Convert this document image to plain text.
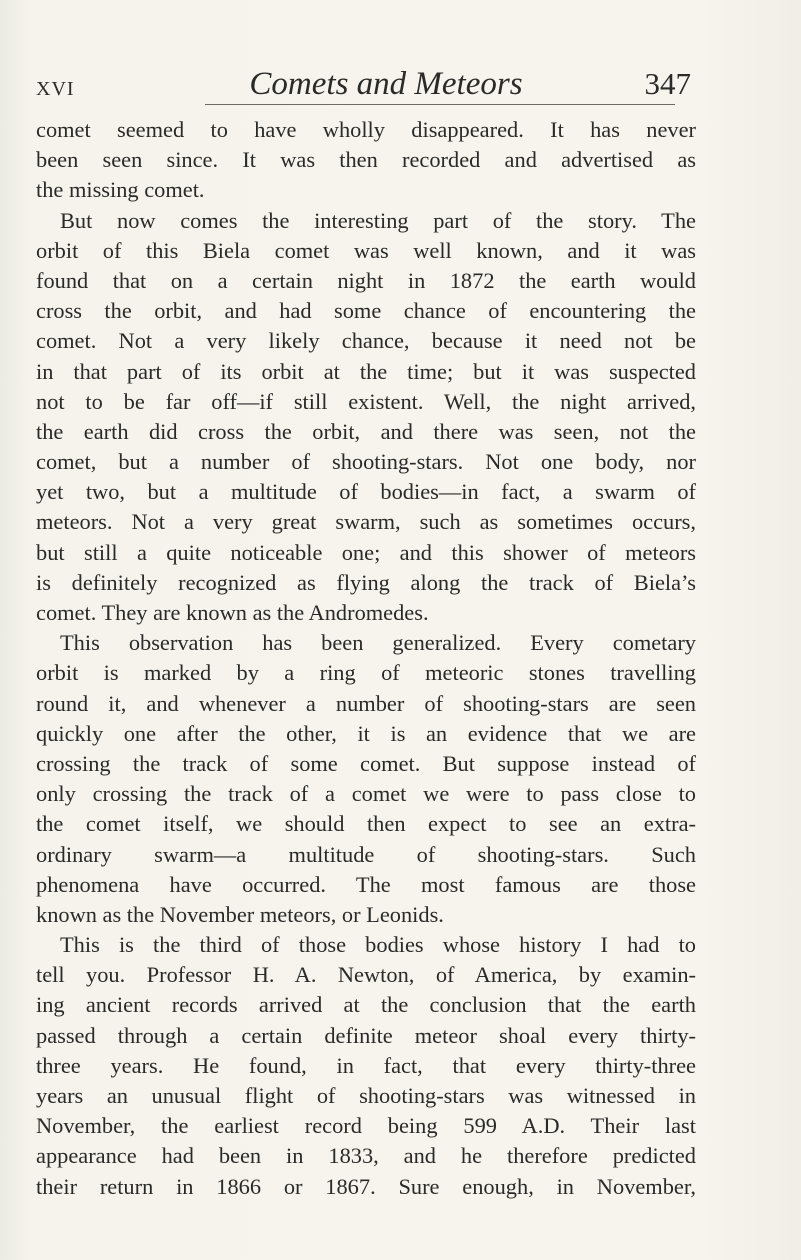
XVI	Comets and Meteors	347
comet seemed to have wholly disappeared. It has never
been seen since. It was then recorded and advertised as
the missing comet.
But now comes the interesting part of the story. The
orbit of this Biela comet was well known, and it was
found that on a certain night in 1872 the earth would
cross the orbit, and had some chance of encountering the
comet. Not a very likely chance, because it need not be
in that part of its orbit at the time; but it was suspected
not to be far off—if still existent. Well, the night arrived,
the earth did cross the orbit, and there was seen, not the
comet, but a number of shooting-stars. Not one body, nor
yet two, but a multitude of bodies—in fact, a swarm of
meteors. Not a very great swarm, such as sometimes occurs,
but still a quite noticeable one; and this shower of meteors
is definitely recognized as flying along the track of Biela’s
comet. They are known as the Andromedes.
This observation has been generalized. Every cometary
orbit is marked by a ring of meteoric stones travelling
round it, and whenever a number of shooting-stars are seen
quickly one after the other, it is an evidence that we are
crossing the track of some comet. But suppose instead of
only crossing the track of a comet we were to pass close to
the comet itself, we should then expect to see an extra-
ordinary swarm—a multitude of shooting-stars. Such
phenomena have occurred. The most famous are those
known as the November meteors, or Leonids.
This is the third of those bodies whose history I had to
tell you. Professor H. A. Newton, of America, by examin-
ing ancient records arrived at the conclusion that the earth
passed through a certain definite meteor shoal every thirty-
three years. He found, in fact, that every thirty-three
years an unusual flight of shooting-stars was witnessed in
November, the earliest record being 599 A.D. Their last
appearance had been in 1833, and he therefore predicted
their return in 1866 or 1867. Sure enough, in November,
